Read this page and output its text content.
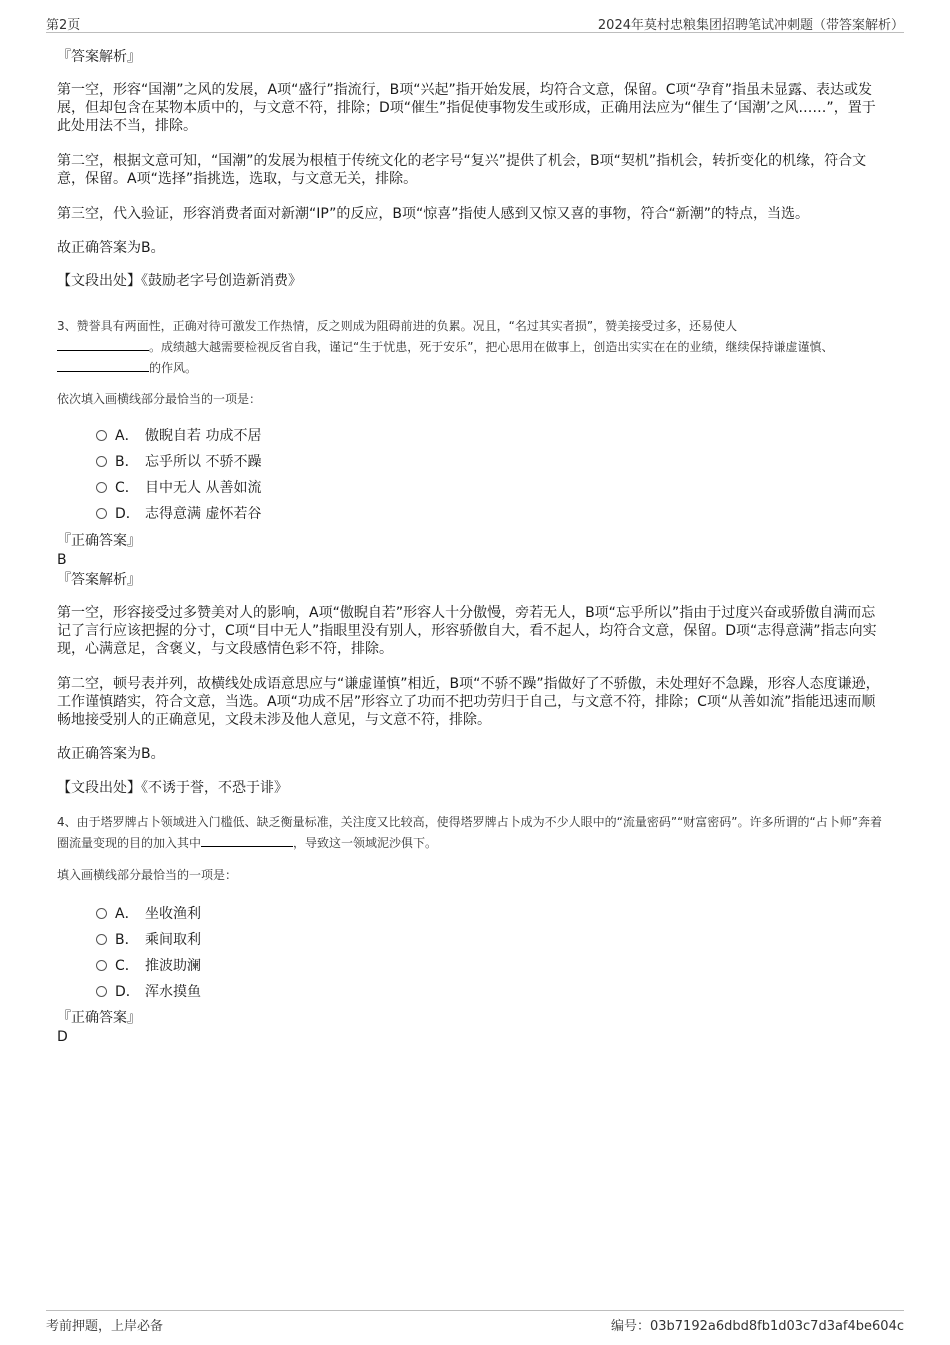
第2页	2024年莫村忠粮集团招聘笔试冲刺题（带答案解析）
『答案解析』
第一空，形容“国潮”之风的发展，A项“盛行”指流行，B项“兴起”指开始发展，均符合文意，保留。C项“孕育”指虽未显露、表达或发展，但却包含在某物本质中的，与文意不符，排除；D项“催生”指促使事物发生或形成，正确用法应为“催生了‘国潮’之风……”，置于此处用法不当，排除。
第二空，根据文意可知，“国潮”的发展为根植于传统文化的老字号“复兴”提供了机会，B项“契机”指机会，转折变化的机缘，符合文意，保留。A项“选择”指挑选，选取，与文意无关，排除。
第三空，代入验证，形容消费者面对新潮“IP”的反应，B项“惊喜”指使人感到又惊又喜的事物，符合“新潮”的特点，当选。
故正确答案为B。
【文段出处】《鼓励老字号创造新消费》
3、赞誉具有两面性，正确对待可激发工作热情，反之则成为阻碍前进的负累。况且，“名过其实者损”，赞美接受过多，还易使人
。成绩越大越需要检视反省自我，谨记“生于忧患，死于安乐”，把心思用在做事上，创造出实实在在的业绩，继续保持谦虚谨慎、的作风。
依次填入画横线部分最恰当的一项是：
A． 傲睨自若 功成不居
B． 忘乎所以 不骄不躁
C． 目中无人 从善如流
D． 志得意满 虚怀若谷
『正确答案』
B
『答案解析』
第一空，形容接受过多赞美对人的影响，A项“傲睨自若”形容人十分傲慢，旁若无人，B项“忘乎所以”指由于过度兴奋或骄傲自满而忘记了言行应该把握的分寸，C项“目中无人”指眼里没有别人，形容骄傲自大，看不起人，均符合文意，保留。D项“志得意满”指志向实现，心满意足，含褒义，与文段感情色彩不符，排除。
第二空，顿号表并列，故横线处成语意思应与“谦虚谨慎”相近，B项“不骄不躁”指做好了不骄傲，未处理好不急躁，形容人态度谦逊，工作谨慎踏实，符合文意，当选。A项“功成不居”形容立了功而不把功劳归于自己，与文意不符，排除；C项“从善如流”指能迅速而顺畅地接受别人的正确意见，文段未涉及他人意见，与文意不符，排除。
故正确答案为B。
【文段出处】《不诱于誉，不恐于诽》
4、由于塔罗牌占卜领域进入门槛低、缺乏衡量标准，关注度又比较高，使得塔罗牌占卜成为不少人眼中的“流量密码”“财富密码”。许多所谓的“占卜师”奔着圈流量变现的目的加入其中	，导致这一领域泥沙俱下。
填入画横线部分最恰当的一项是：
A． 坐收渔利
B． 乘间取利
C． 推波助澜
D． 浑水摸鱼
『正确答案』
D
考前押题，上岸必备	编号：03b7192a6dbd8fb1d03c7d3af4be604c
